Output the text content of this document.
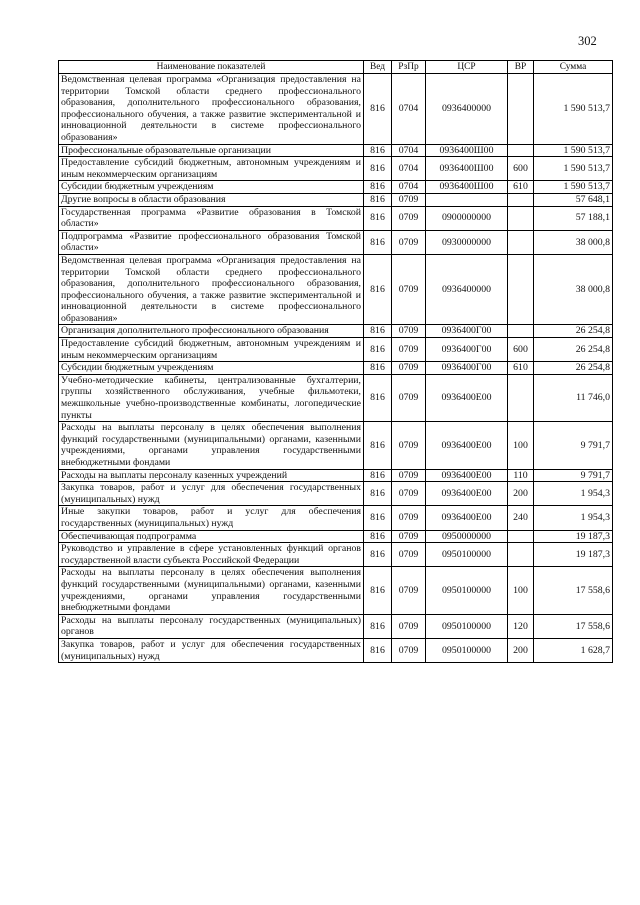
302
Наименование показателей	Вед	РзПр	ЦСР	ВР	Сумма
Ведомственная целевая программа «Организация предоставления на территории Томской области среднего профессионального образования, дополнительного профессионального образования, профессионального обучения, а также развитие экспериментальной и инновационной деятельности в системе профессионального образования»	816	0704	0936400000		1 590 513,7
Профессиональные образовательные организации	816	0704	0936400Ш00		1 590 513,7
Предоставление субсидий бюджетным, автономным учреждениям и иным некоммерческим организациям	816	0704	0936400Ш00	600	1 590 513,7
Субсидии бюджетным учреждениям	816	0704	0936400Ш00	610	1 590 513,7
Другие вопросы в области образования	816	0709			57 648,1
Государственная программа «Развитие образования в Томской области»	816	0709	0900000000		57 188,1
Подпрограмма «Развитие профессионального образования Томской области»	816	0709	0930000000		38 000,8
Ведомственная целевая программа «Организация предоставления на территории Томской области среднего профессионального образования, дополнительного профессионального образования, профессионального обучения, а также развитие экспериментальной и инновационной деятельности в системе профессионального образования»	816	0709	0936400000		38 000,8
Организация дополнительного профессионального образования	816	0709	0936400Г00		26 254,8
Предоставление субсидий бюджетным, автономным учреждениям и иным некоммерческим организациям	816	0709	0936400Г00	600	26 254,8
Субсидии бюджетным учреждениям	816	0709	0936400Г00	610	26 254,8
Учебно-методические кабинеты, централизованные бухгалтерии, группы хозяйственного обслуживания, учебные фильмотеки, межшкольные учебно-производственные комбинаты, логопедические пункты	816	0709	0936400Е00		11 746,0
Расходы на выплаты персоналу в целях обеспечения выполнения функций государственными (муниципальными) органами, казенными учреждениями, органами управления государственными внебюджетными фондами	816	0709	0936400Е00	100	9 791,7
Расходы на выплаты персоналу казенных учреждений	816	0709	0936400Е00	110	9 791,7
Закупка товаров, работ и услуг для обеспечения государственных (муниципальных) нужд	816	0709	0936400Е00	200	1 954,3
Иные закупки товаров, работ и услуг для обеспечения государственных (муниципальных) нужд	816	0709	0936400Е00	240	1 954,3
Обеспечивающая подпрограмма	816	0709	0950000000		19 187,3
Руководство и управление в сфере установленных функций органов государственной власти субъекта Российской Федерации	816	0709	0950100000		19 187,3
Расходы на выплаты персоналу в целях обеспечения выполнения функций государственными (муниципальными) органами, казенными учреждениями, органами управления государственными внебюджетными фондами	816	0709	0950100000	100	17 558,6
Расходы на выплаты персоналу государственных (муниципальных) органов	816	0709	0950100000	120	17 558,6
Закупка товаров, работ и услуг для обеспечения государственных (муниципальных) нужд	816	0709	0950100000	200	1 628,7
